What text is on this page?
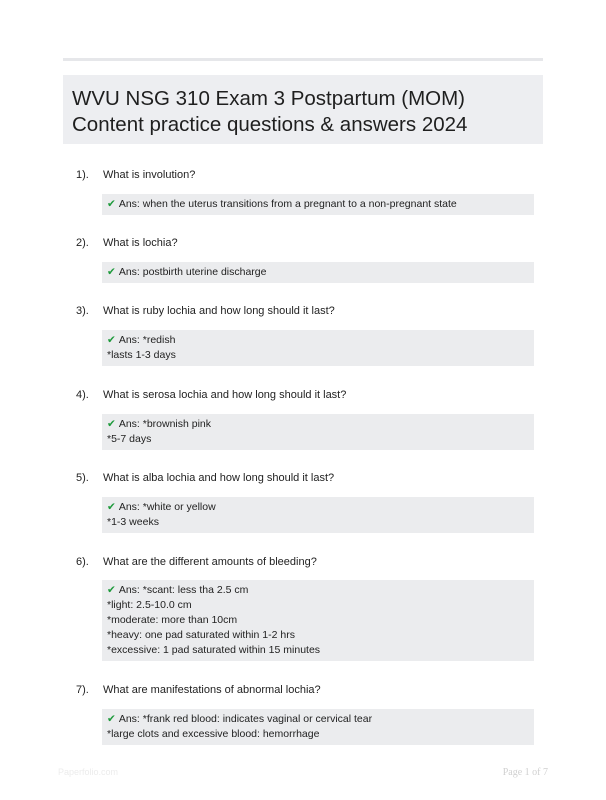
WVU NSG 310 Exam 3 Postpartum (MOM)
Content practice questions & answers 2024
1). What is involution?
✔ Ans: when the uterus transitions from a pregnant to a non-pregnant state
2). What is lochia?
✔ Ans: postbirth uterine discharge
3). What is ruby lochia and how long should it last?
✔ Ans: *redish
*lasts 1-3 days
4). What is serosa lochia and how long should it last?
✔ Ans: *brownish pink
*5-7 days
5). What is alba lochia and how long should it last?
✔ Ans: *white or yellow
*1-3 weeks
6). What are the different amounts of bleeding?
✔ Ans: *scant: less tha 2.5 cm
*light: 2.5-10.0 cm
*moderate: more than 10cm
*heavy: one pad saturated within 1-2 hrs
*excessive: 1 pad saturated within 15 minutes
7). What are manifestations of abnormal lochia?
✔ Ans: *frank red blood: indicates vaginal or cervical tear
*large clots and excessive blood: hemorrhage
Paperfolio.com	Page 1 of 7
